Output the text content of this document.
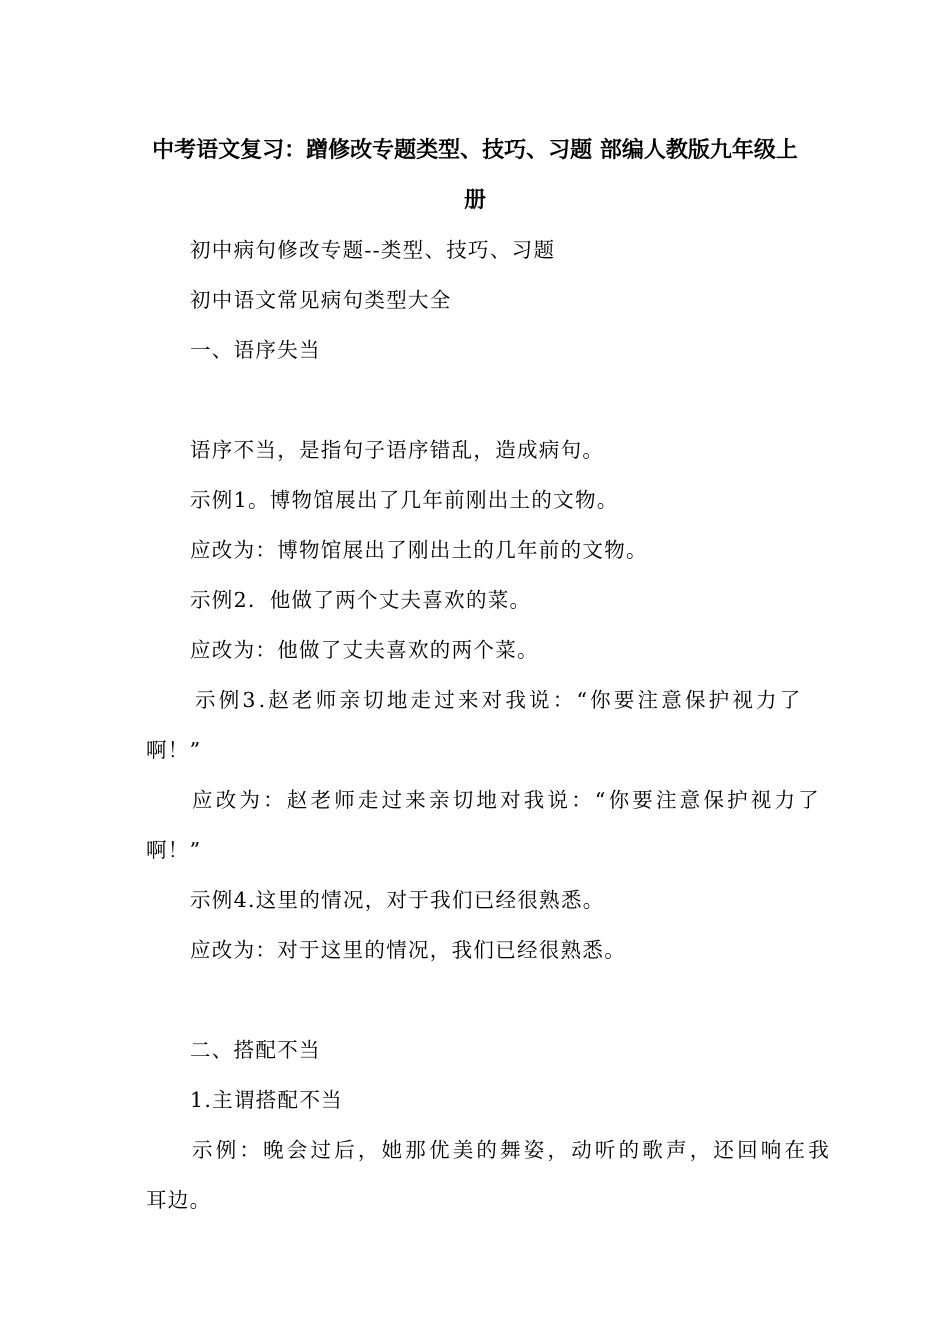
中考语文复习：蹭修改专题类型、技巧、习题 部编人教版九年级上
册
初中病句修改专题--类型、技巧、习题
初中语文常见病句类型大全
一、语序失当
语序不当，是指句子语序错乱，造成病句。
示例1。博物馆展出了几年前刚出土的文物。
应改为：博物馆展出了刚出土的几年前的文物。
示例2．他做了两个丈夫喜欢的菜。
应改为：他做了丈夫喜欢的两个菜。
示例3.赵老师亲切地走过来对我说：“你要注意保护视力了
啊！”
应改为：赵老师走过来亲切地对我说：“你要注意保护视力了
啊！”
示例4.这里的情况，对于我们已经很熟悉。
应改为：对于这里的情况，我们已经很熟悉。
二、搭配不当
1.主谓搭配不当
示例：晚会过后，她那优美的舞姿，动听的歌声，还回响在我
耳边。
